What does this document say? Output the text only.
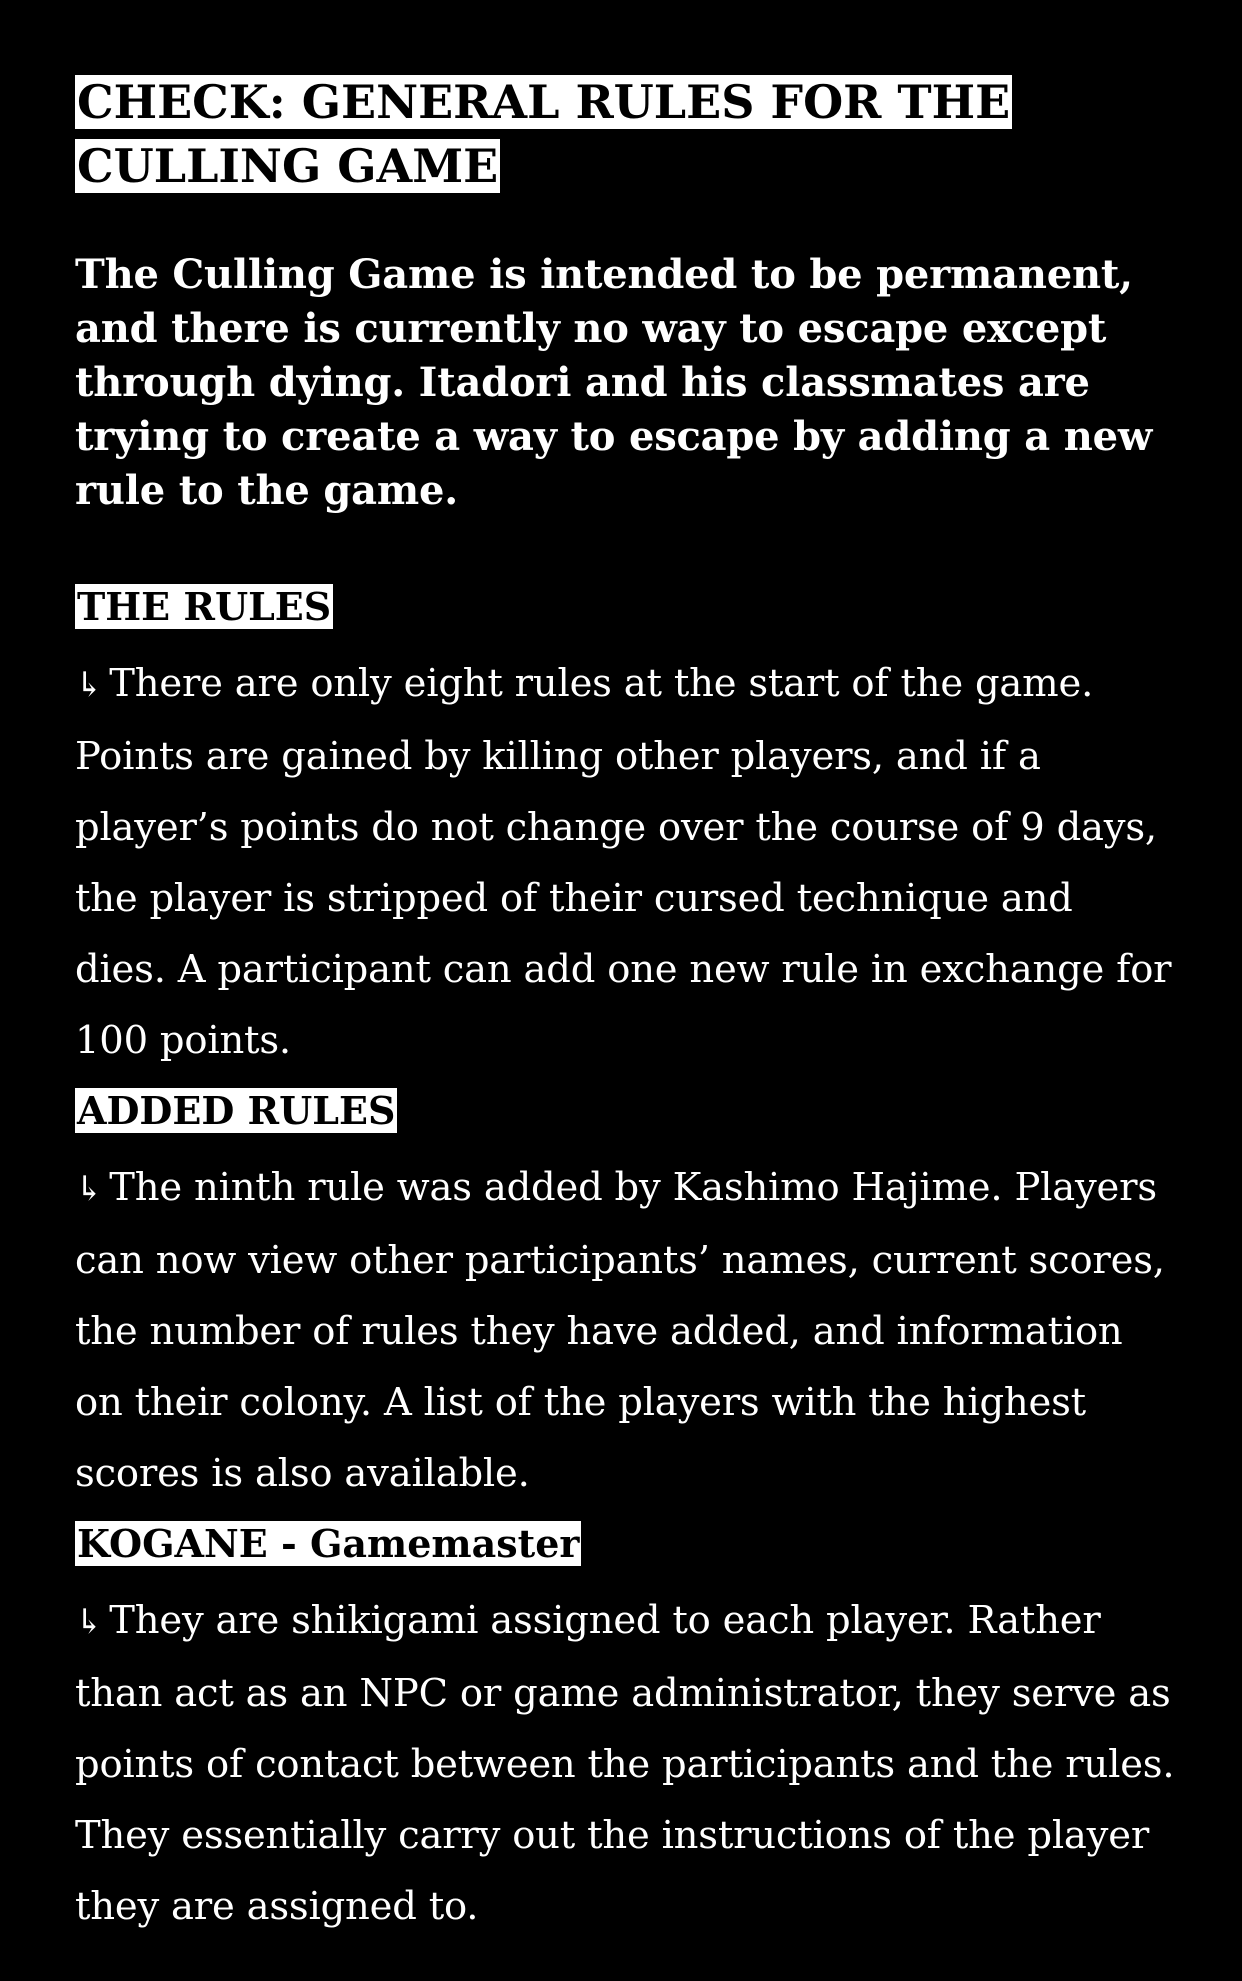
CHECK: GENERAL RULES FOR THE CULLING GAME

The Culling Game is intended to be permanent, and there is currently no way to escape except through dying. Itadori and his classmates are trying to create a way to escape by adding a new rule to the game.

THE RULES

↳ There are only eight rules at the start of the game. Points are gained by killing other players, and if a player’s points do not change over the course of 9 days, the player is stripped of their cursed technique and dies. A participant can add one new rule in exchange for 100 points.

ADDED RULES

↳ The ninth rule was added by Kashimo Hajime. Players can now view other participants’ names, current scores, the number of rules they have added, and information on their colony. A list of the players with the highest scores is also available.

KOGANE - Gamemaster

↳ They are shikigami assigned to each player. Rather than act as an NPC or game administrator, they serve as points of contact between the participants and the rules. They essentially carry out the instructions of the player they are assigned to.
